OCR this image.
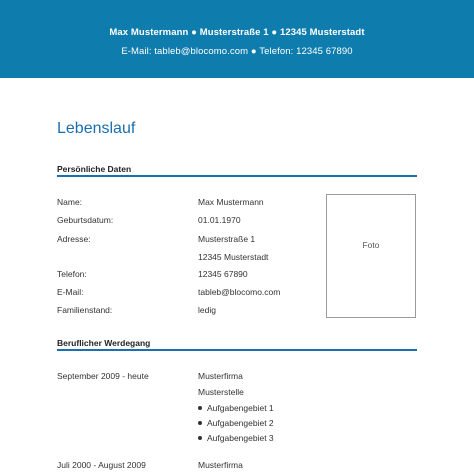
Max Mustermann ● Musterstraße 1 ● 12345 Musterstadt
E-Mail: tableb@blocomo.com ● Telefon: 12345 67890
Lebenslauf
Persönliche Daten
Name:	Max Mustermann
Geburtsdatum:	01.01.1970
Adresse:	Musterstraße 1
12345 Musterstadt
Telefon:	12345 67890
E-Mail:	tableb@blocomo.com
Familienstand:	ledig
Foto
Beruflicher Werdegang
September 2009 - heute	Musterfirma
Musterstelle
Aufgabengebiet 1
Aufgabengebiet 2
Aufgabengebiet 3
Juli 2000 - August 2009	Musterfirma
